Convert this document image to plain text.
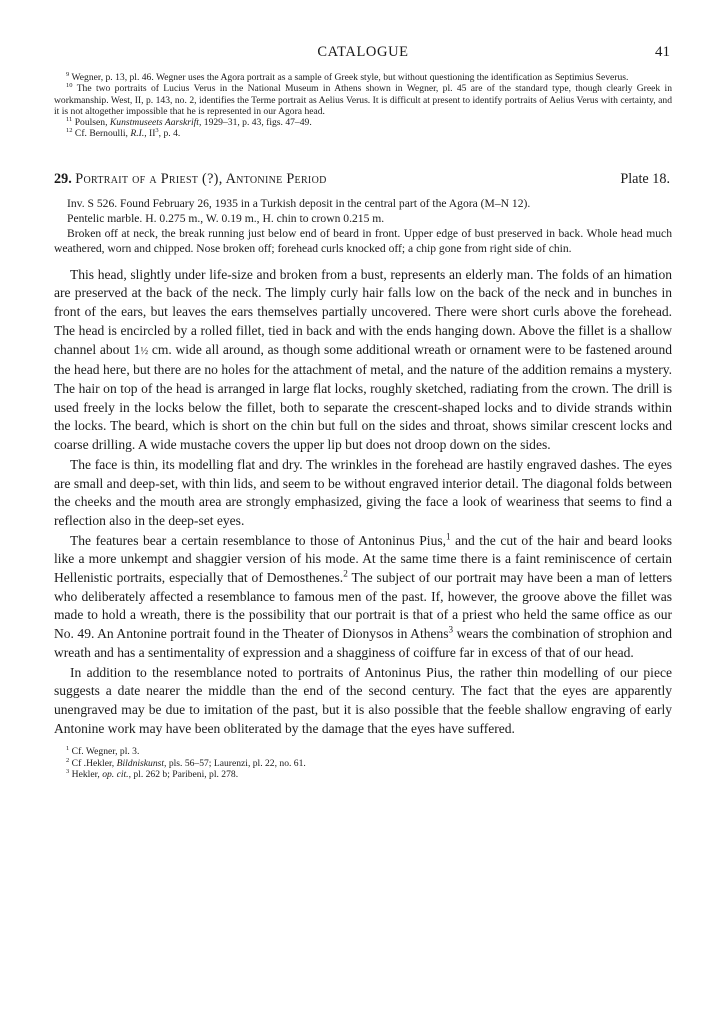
CATALOGUE	41

$^9$ Wegner, p. 13, pl. 46. Wegner uses the Agora portrait as a sample of Greek style, but without questioning the identification as Septimius Severus.

$^{10}$ The two portraits of Lucius Verus in the National Museum in Athens shown in Wegner, pl. 45 are of the standard type, though clearly Greek in workmanship. West, II, p. 143, no. 2, identifies the Terme portrait as Aelius Verus. It is difficult at present to identify portraits of Aelius Verus with certainty, and it is not altogether impossible that he is represented in our Agora head.

$^{11}$ Poulsen, Kunstmuseets Aarskrift, 1929–31, p. 43, figs. 47–49.

$^{12}$ Cf. Bernoulli, R.I., $II^3$, p. 4.

29. Portrait of a Priest (?), Antonine Period	Plate 18.

Inv. S 526. Found February 26, 1935 in a Turkish deposit in the central part of the Agora (M–N 12).

Pentelic marble. H. 0.275 m., W. 0.19 m., H. chin to crown 0.215 m.

Broken off at neck, the break running just below end of beard in front. Upper edge of bust preserved in back. Whole head much weathered, worn and chipped. Nose broken off; forehead curls knocked off; a chip gone from right side of chin.

This head, slightly under life-size and broken from a bust, represents an elderly man. The folds of an himation are preserved at the back of the neck. The limply curly hair falls low on the back of the neck and in bunches in front of the ears, but leaves the ears themselves partially uncovered. There were short curls above the forehead. The head is encircled by a rolled fillet, tied in back and with the ends hanging down. Above the fillet is a shallow channel about 1½ cm. wide all around, as though some additional wreath or ornament were to be fastened around the head here, but there are no holes for the attachment of metal, and the nature of the addition remains a mystery. The hair on top of the head is arranged in large flat locks, roughly sketched, radiating from the crown. The drill is used freely in the locks below the fillet, both to separate the crescent-shaped locks and to divide strands within the locks. The beard, which is short on the chin but full on the sides and throat, shows similar crescent locks and coarse drilling. A wide mustache covers the upper lip but does not droop down on the sides.

The face is thin, its modelling flat and dry. The wrinkles in the forehead are hastily engraved dashes. The eyes are small and deep-set, with thin lids, and seem to be without engraved interior detail. The diagonal folds between the cheeks and the mouth area are strongly emphasized, giving the face a look of weariness that seems to find a reflection also in the deep-set eyes.

The features bear a certain resemblance to those of Antoninus Pius,$^1$ and the cut of the hair and beard looks like a more unkempt and shaggier version of his mode. At the same time there is a faint reminiscence of certain Hellenistic portraits, especially that of Demosthenes.$^2$ The subject of our portrait may have been a man of letters who deliberately affected a resemblance to famous men of the past. If, however, the groove above the fillet was made to hold a wreath, there is the possibility that our portrait is that of a priest who held the same office as our No. 49. An Antonine portrait found in the Theater of Dionysos in Athens$^3$ wears the combination of strophion and wreath and has a sentimentality of expression and a shagginess of coiffure far in excess of that of our head.

In addition to the resemblance noted to portraits of Antoninus Pius, the rather thin modelling of our piece suggests a date nearer the middle than the end of the second century. The fact that the eyes are apparently unengraved may be due to imitation of the past, but it is also possible that the feeble shallow engraving of early Antonine work may have been obliterated by the damage that the eyes have suffered.

$^1$ Cf. Wegner, pl. 3.

$^2$ Cf .Hekler, Bildniskunst, pls. 56–57; Laurenzi, pl. 22, no. 61.

$^3$ Hekler, op. cit., pl. 262 b; Paribeni, pl. 278.
